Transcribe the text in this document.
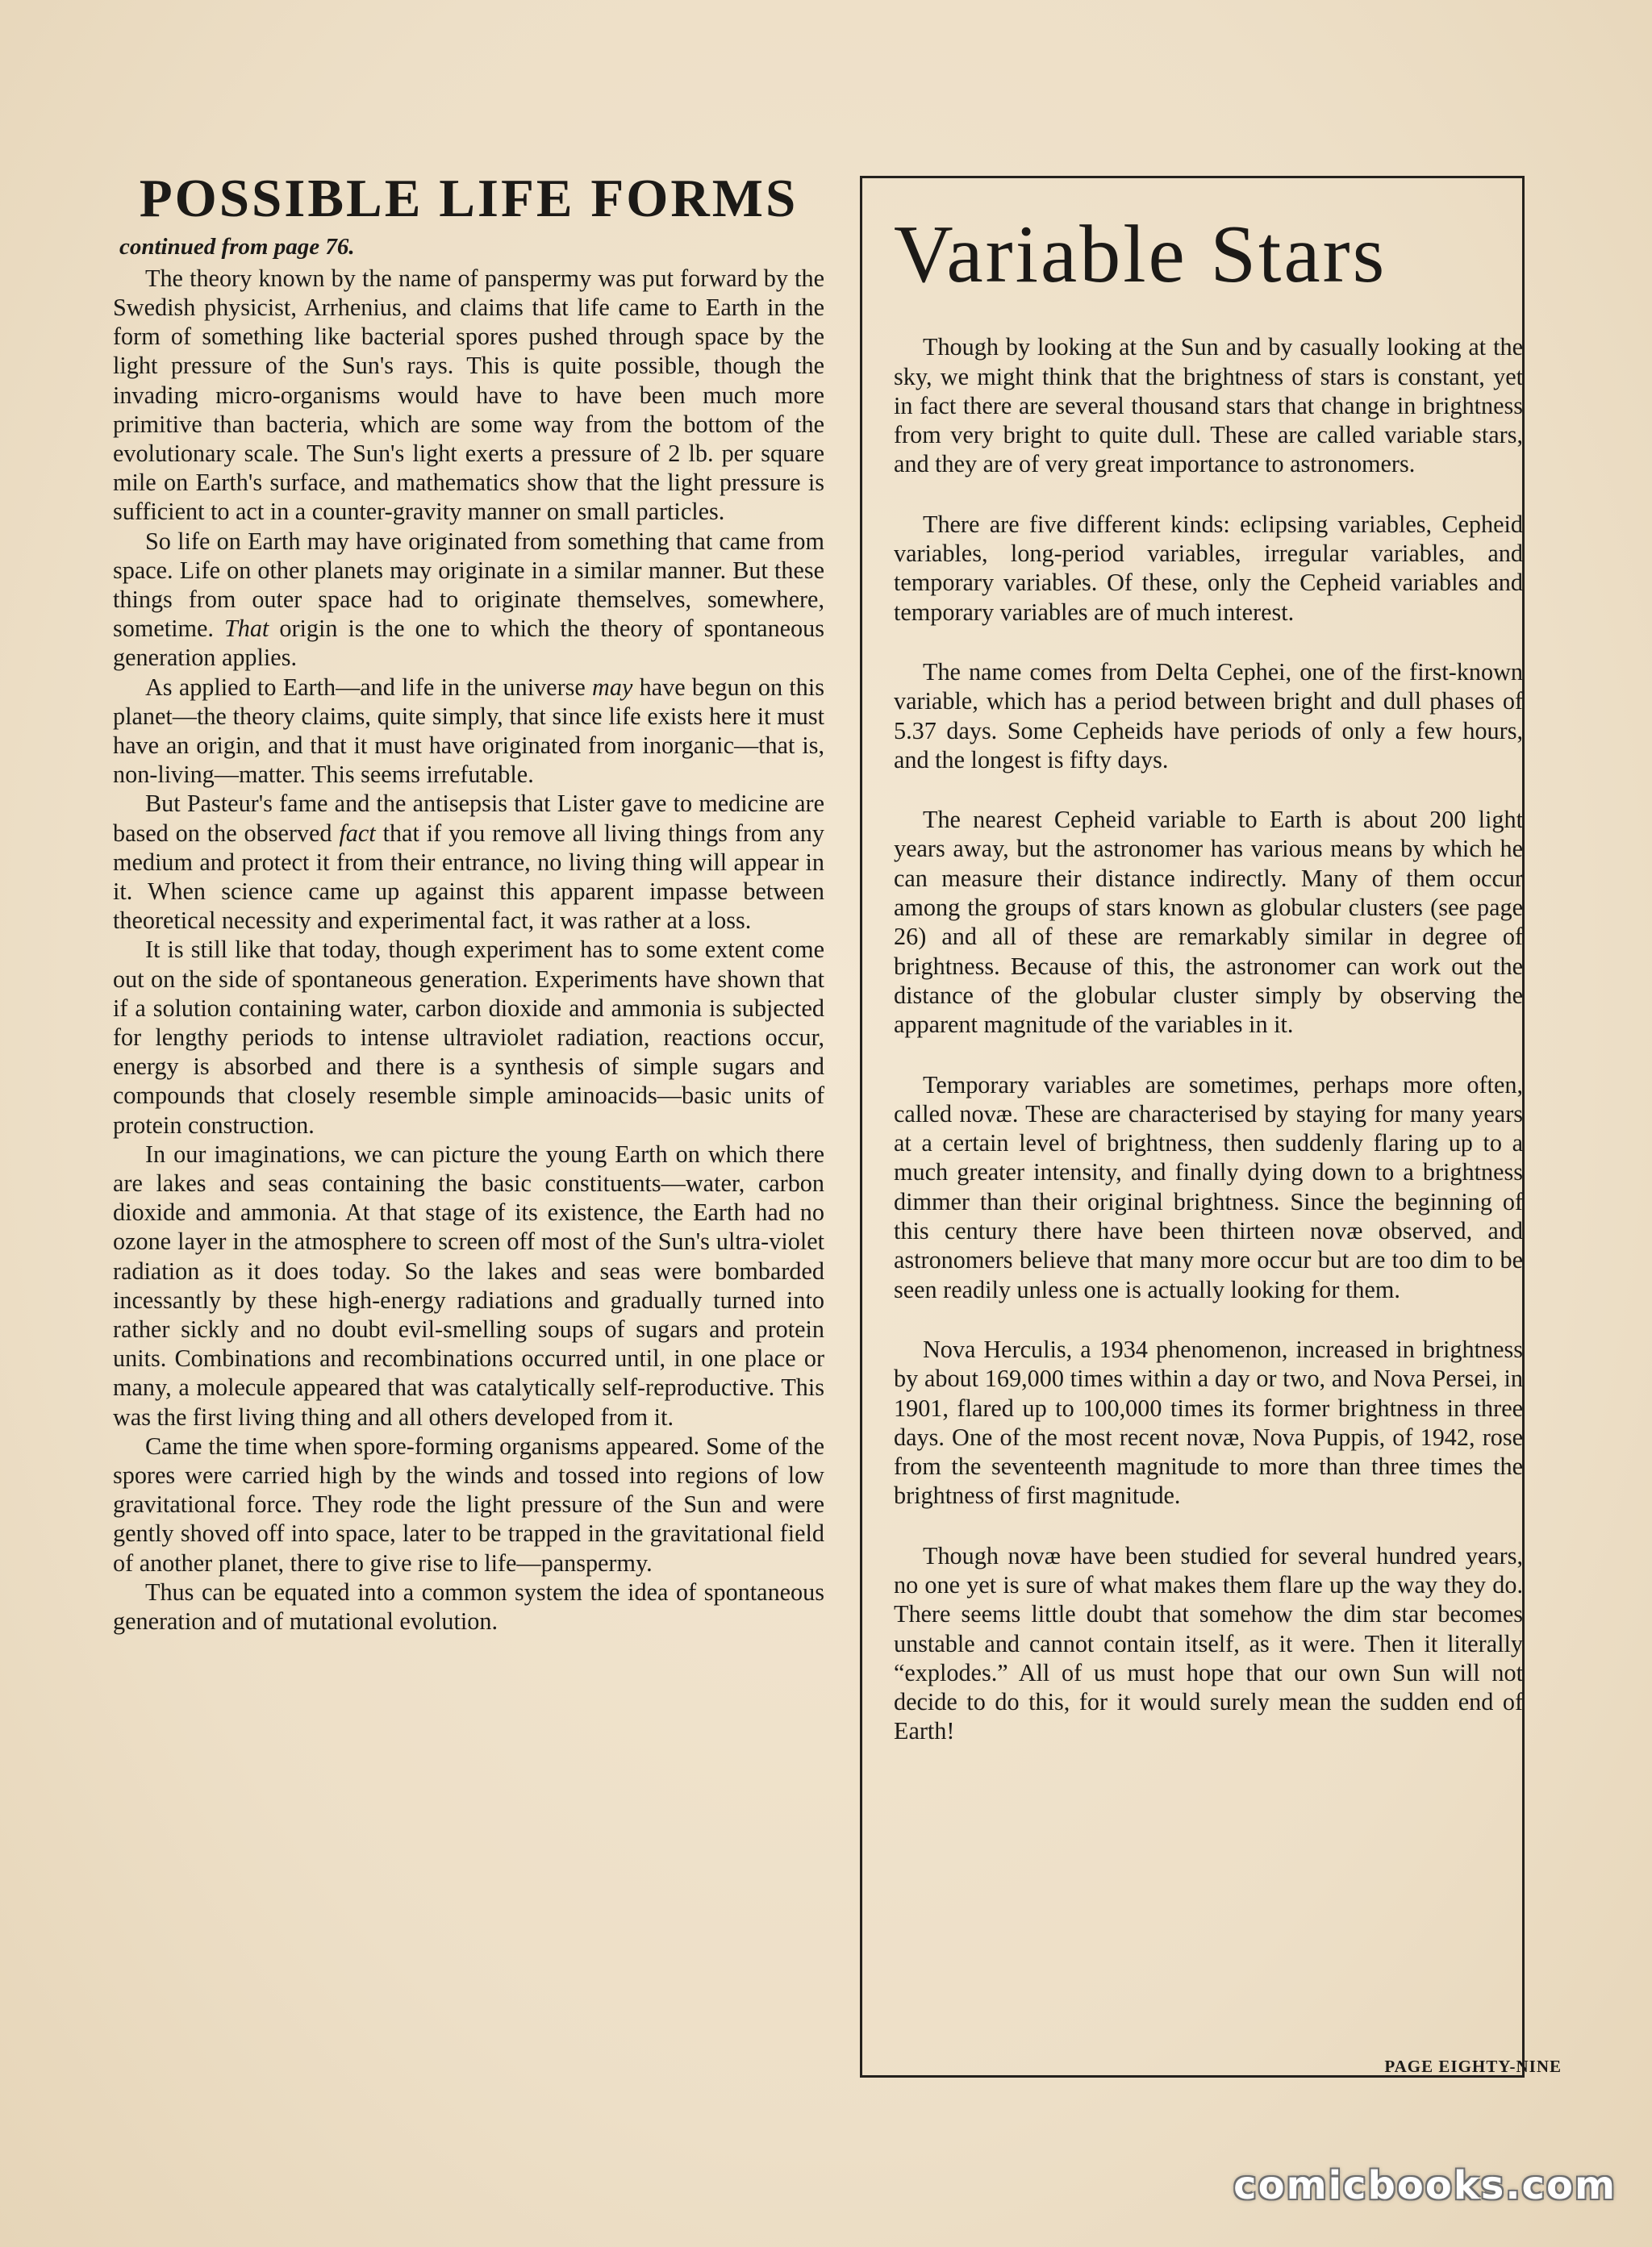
POSSIBLE LIFE FORMS
continued from page 76.

The theory known by the name of panspermy was put forward by the Swedish physicist, Arrhenius, and claims that life came to Earth in the form of something like bacterial spores pushed through space by the light pressure of the Sun's rays. This is quite possible, though the invading micro-organisms would have to have been much more primitive than bacteria, which are some way from the bottom of the evolutionary scale. The Sun's light exerts a pressure of 2 lb. per square mile on Earth's surface, and mathematics show that the light pressure is sufficient to act in a counter-gravity manner on small particles.

So life on Earth may have originated from something that came from space. Life on other planets may originate in a similar manner. But these things from outer space had to originate themselves, somewhere, sometime. That origin is the one to which the theory of spontaneous generation applies.

As applied to Earth—and life in the universe may have begun on this planet—the theory claims, quite simply, that since life exists here it must have an origin, and that it must have originated from inorganic—that is, non-living—matter. This seems irrefutable.

But Pasteur's fame and the antisepsis that Lister gave to medicine are based on the observed fact that if you remove all living things from any medium and protect it from their entrance, no living thing will appear in it. When science came up against this apparent impasse between theoretical necessity and experimental fact, it was rather at a loss.

It is still like that today, though experiment has to some extent come out on the side of spontaneous generation. Experiments have shown that if a solution containing water, carbon dioxide and ammonia is subjected for lengthy periods to intense ultraviolet radiation, reactions occur, energy is absorbed and there is a synthesis of simple sugars and compounds that closely resemble simple aminoacids—basic units of protein construction.

In our imaginations, we can picture the young Earth on which there are lakes and seas containing the basic constituents—water, carbon dioxide and ammonia. At that stage of its existence, the Earth had no ozone layer in the atmosphere to screen off most of the Sun's ultra-violet radiation as it does today. So the lakes and seas were bombarded incessantly by these high-energy radiations and gradually turned into rather sickly and no doubt evil-smelling soups of sugars and protein units. Combinations and recombinations occurred until, in one place or many, a molecule appeared that was catalytically self-reproductive. This was the first living thing and all others developed from it.

Came the time when spore-forming organisms appeared. Some of the spores were carried high by the winds and tossed into regions of low gravitational force. They rode the light pressure of the Sun and were gently shoved off into space, later to be trapped in the gravitational field of another planet, there to give rise to life—panspermy.

Thus can be equated into a common system the idea of spontaneous generation and of mutational evolution.

Variable Stars

Though by looking at the Sun and by casually looking at the sky, we might think that the brightness of stars is constant, yet in fact there are several thousand stars that change in brightness from very bright to quite dull. These are called variable stars, and they are of very great importance to astronomers.

There are five different kinds: eclipsing variables, Cepheid variables, long-period variables, irregular variables, and temporary variables. Of these, only the Cepheid variables and temporary variables are of much interest.

The name comes from Delta Cephei, one of the first-known variable, which has a period between bright and dull phases of 5.37 days. Some Cepheids have periods of only a few hours, and the longest is fifty days.

The nearest Cepheid variable to Earth is about 200 light years away, but the astronomer has various means by which he can measure their distance indirectly. Many of them occur among the groups of stars known as globular clusters (see page 26) and all of these are remarkably similar in degree of brightness. Because of this, the astronomer can work out the distance of the globular cluster simply by observing the apparent magnitude of the variables in it.

Temporary variables are sometimes, perhaps more often, called novæ. These are characterised by staying for many years at a certain level of brightness, then suddenly flaring up to a much greater intensity, and finally dying down to a brightness dimmer than their original brightness. Since the beginning of this century there have been thirteen novæ observed, and astronomers believe that many more occur but are too dim to be seen readily unless one is actually looking for them.

Nova Herculis, a 1934 phenomenon, increased in brightness by about 169,000 times within a day or two, and Nova Persei, in 1901, flared up to 100,000 times its former brightness in three days. One of the most recent novæ, Nova Puppis, of 1942, rose from the seventeenth magnitude to more than three times the brightness of first magnitude.

Though novæ have been studied for several hundred years, no one yet is sure of what makes them flare up the way they do. There seems little doubt that somehow the dim star becomes unstable and cannot contain itself, as it were. Then it literally “explodes.” All of us must hope that our own Sun will not decide to do this, for it would surely mean the sudden end of Earth!

PAGE EIGHTY-NINE
comicbooks.com
